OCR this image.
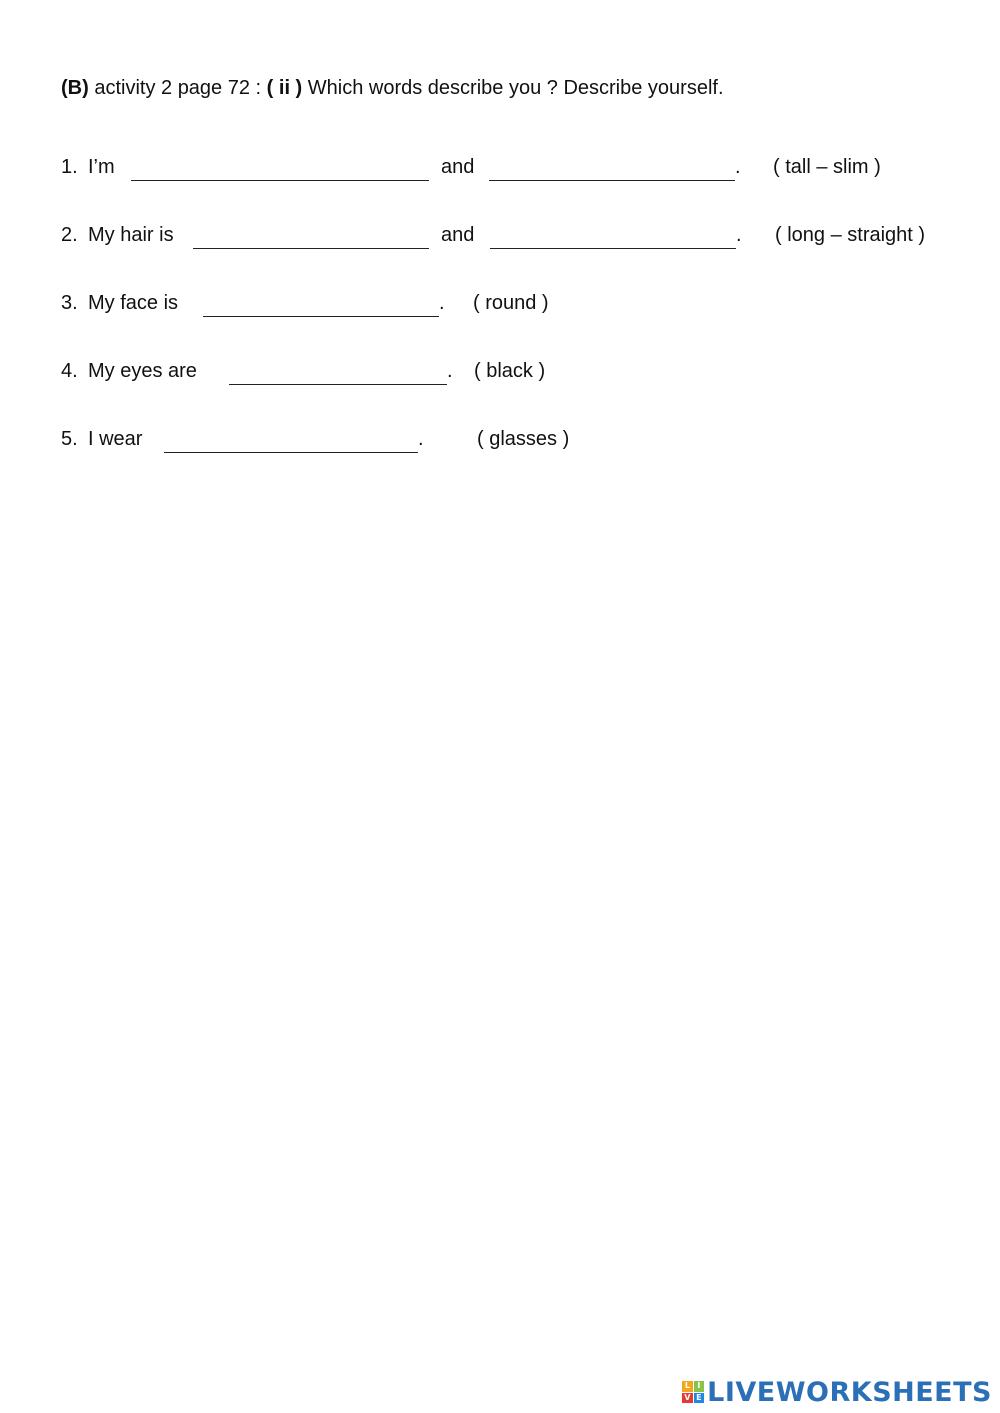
(B) activity 2 page 72 : ( ii ) Which words describe you ? Describe yourself.
1. I’m	and	. ( tall – slim )
2. My hair is	and	. ( long – straight )
3. My face is	. ( round )
4. My eyes are	. ( black )
5. I wear	.	( glasses )
L I
V E LIVEWORKSHEETS
